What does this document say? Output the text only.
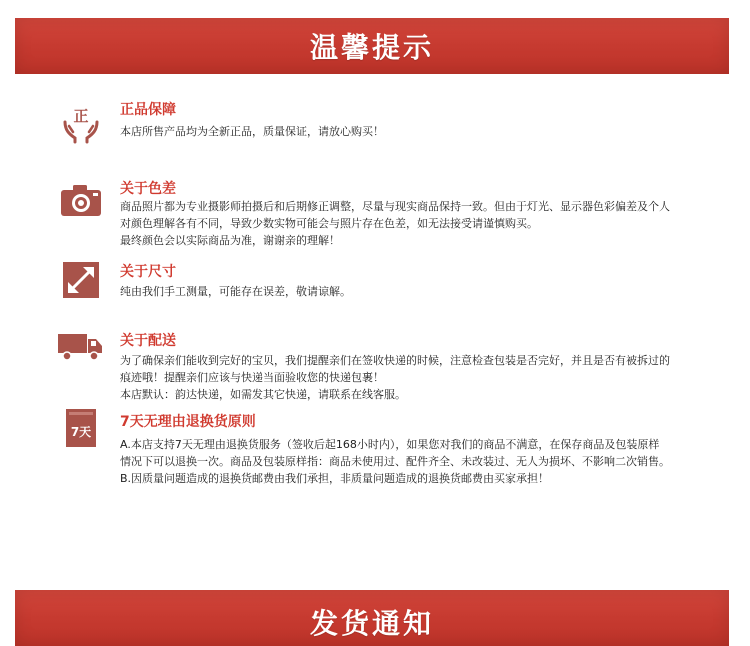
温馨提示
正 正品保障

本店所售产品均为全新正品，质量保证，请放心购买！

关于色差

商品照片都为专业摄影师拍摄后和后期修正调整，尽量与现实商品保持一致。但由于灯光、显示器色彩偏差及个人

对颜色理解各有不同，导致少数实物可能会与照片存在色差，如无法接受请谨慎购买。

最终颜色会以实际商品为准，谢谢亲的理解！

关于尺寸

纯由我们手工测量，可能存在误差，敬请谅解。

关于配送

为了确保亲们能收到完好的宝贝，我们提醒亲们在签收快递的时候，注意检查包装是否完好，并且是否有被拆过的

痕迹哦！提醒亲们应该与快递当面验收您的快递包裹！

本店默认：韵达快递，如需发其它快递，请联系在线客服。

7天
7天无理由退换货原则

A.本店支持7天无理由退换货服务（签收后起168小时内），如果您对我们的商品不满意，在保存商品及包装原样

情况下可以退换一次。商品及包装原样指：商品未使用过、配件齐全、未改装过、无人为损坏、不影响二次销售。

B.因质量问题造成的退换货邮费由我们承担，非质量问题造成的退换货邮费由买家承担！

发货通知
